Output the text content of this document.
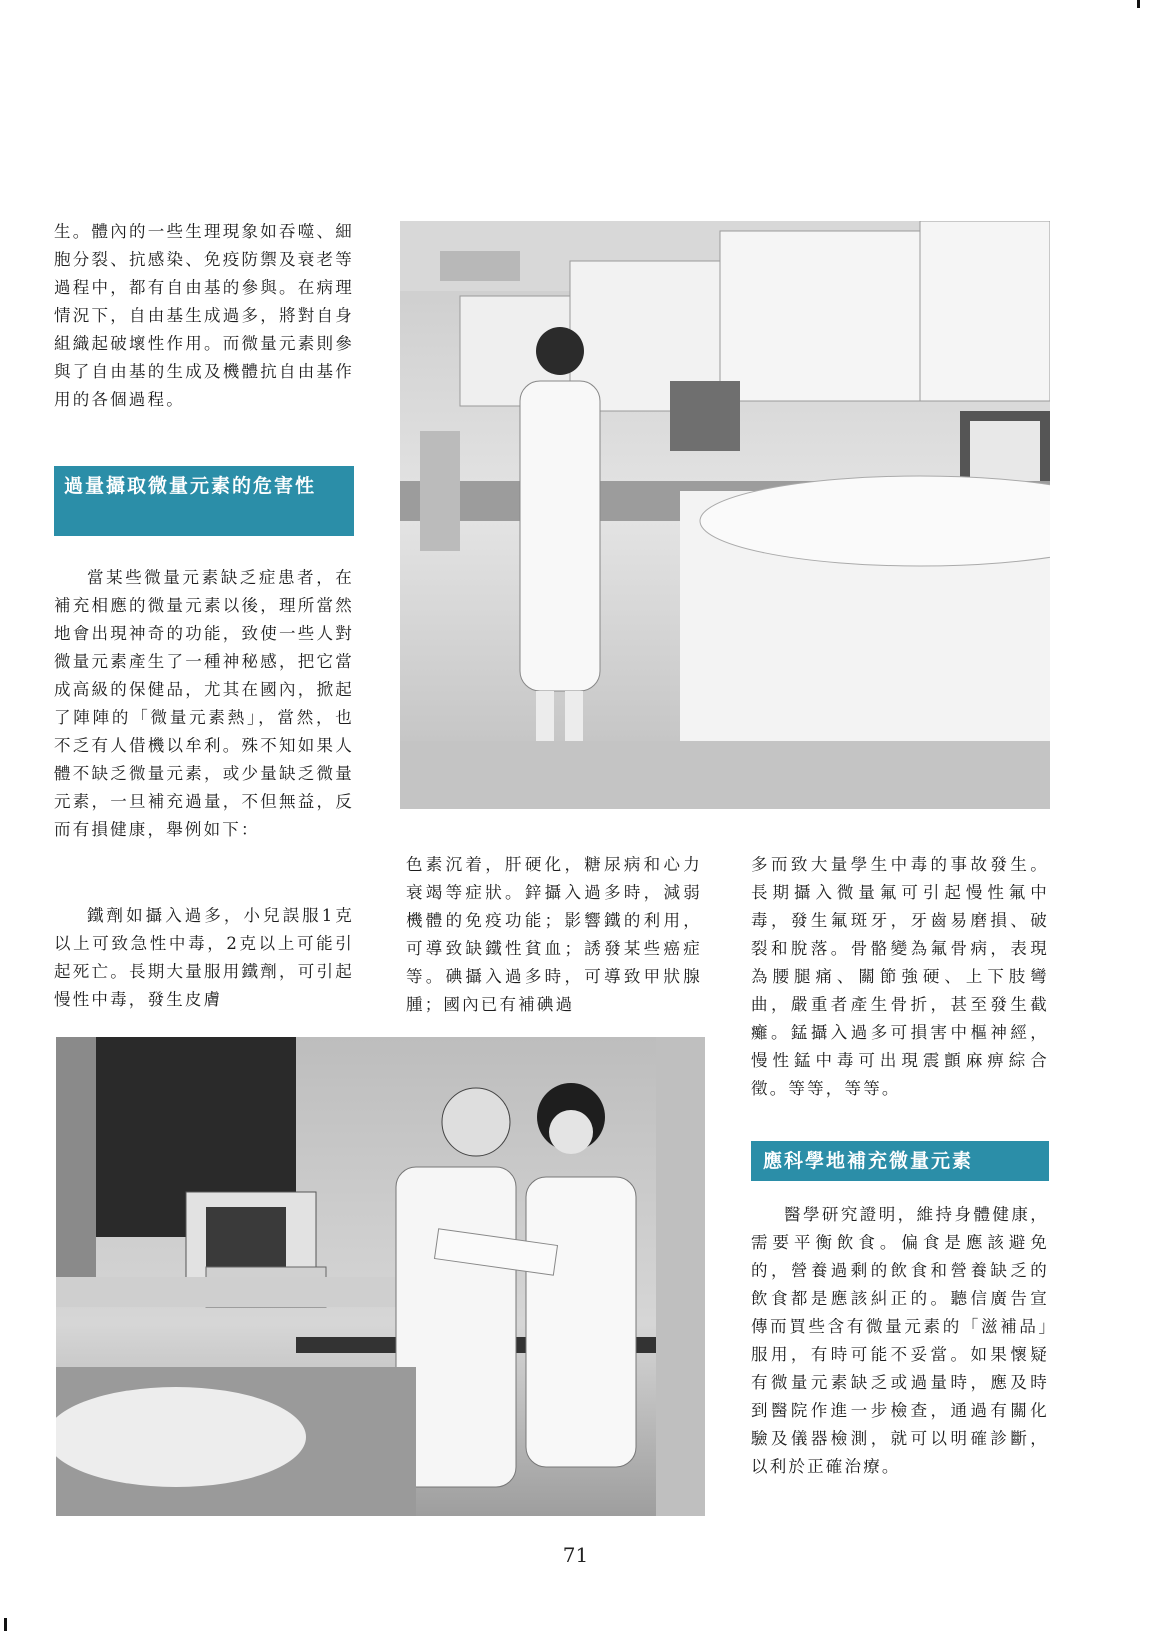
生。體內的一些生理現象如吞噬、細胞分裂、抗感染、免疫防禦及衰老等過程中，都有自由基的參與。在病理情況下，自由基生成過多，將對自身組織起破壞性作用。而微量元素則參與了自由基的生成及機體抗自由基作用的各個過程。

過量攝取微量元素的危害性

當某些微量元素缺乏症患者，在補充相應的微量元素以後，理所當然地會出現神奇的功能，致使一些人對微量元素產生了一種神秘感，把它當成高級的保健品，尤其在國內，掀起了陣陣的「微量元素熱」，當然，也不乏有人借機以牟利。殊不知如果人體不缺乏微量元素，或少量缺乏微量元素，一旦補充過量，不但無益，反而有損健康，舉例如下：

鐵劑如攝入過多，小兒誤服1克以上可致急性中毒，2克以上可能引起死亡。長期大量服用鐵劑，可引起慢性中毒，發生皮膚

色素沉着，肝硬化，糖尿病和心力衰竭等症狀。鋅攝入過多時，減弱機體的免疫功能；影響鐵的利用，可導致缺鐵性貧血；誘發某些癌症等。碘攝入過多時，可導致甲狀腺腫；國內已有補碘過

多而致大量學生中毒的事故發生。長期攝入微量氟可引起慢性氟中毒，發生氟斑牙，牙齒易磨損、破裂和脫落。骨骼變為氟骨病，表現為腰腿痛、關節強硬、上下肢彎曲，嚴重者產生骨折，甚至發生截癱。錳攝入過多可損害中樞神經，慢性錳中毒可出現震顫麻痹綜合徵。等等，等等。

應科學地補充微量元素

醫學研究證明，維持身體健康，需要平衡飲食。偏食是應該避免的，營養過剩的飲食和營養缺乏的飲食都是應該糾正的。聽信廣告宣傳而買些含有微量元素的「滋補品」服用，有時可能不妥當。如果懷疑有微量元素缺乏或過量時，應及時到醫院作進一步檢查，通過有關化驗及儀器檢測，就可以明確診斷，以利於正確治療。

71
